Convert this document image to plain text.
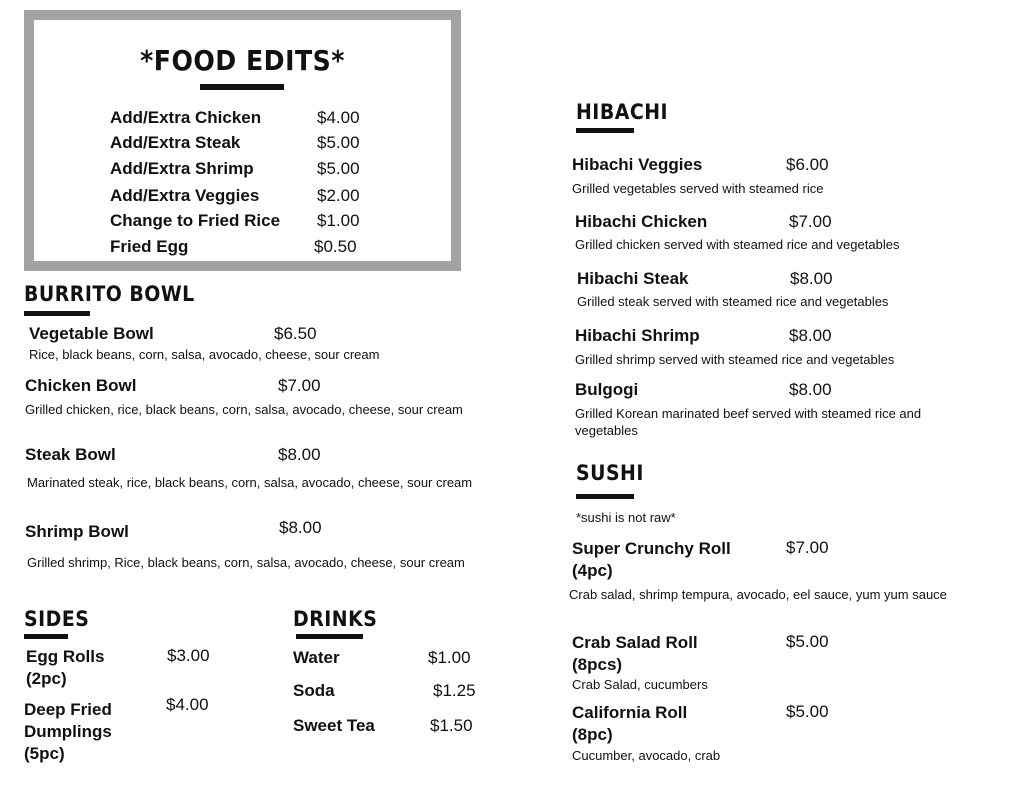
*FOOD EDITS*
Add/Extra Chicken	$4.00
Add/Extra Steak	$5.00
Add/Extra Shrimp	$5.00
Add/Extra Veggies	$2.00
Change to Fried Rice $1.00
Fried Egg	$0.50
BURRITO BOWL
Vegetable Bowl	$6.50
Rice, black beans, corn, salsa, avocado, cheese, sour cream
Chicken Bowl	$7.00
Grilled chicken, rice, black beans, corn, salsa, avocado, cheese, sour cream
Steak Bowl	$8.00
Marinated steak, rice, black beans, corn, salsa, avocado, cheese, sour cream
Shrimp Bowl	$8.00
Grilled shrimp, Rice, black beans, corn, salsa, avocado, cheese, sour cream
SIDES
Egg Rolls (2pc)
$3.00
Deep Fried Dumplings (5pc)
$4.00
DRINKS
Water	$1.00
Soda	$1.25
Sweet Tea	$1.50
HIBACHI
Hibachi Veggies	$6.00
Grilled vegetables served with steamed rice
Hibachi Chicken	$7.00
Grilled chicken served with steamed rice and vegetables
Hibachi Steak	$8.00
Grilled steak served with steamed rice and vegetables
Hibachi Shrimp	$8.00
Grilled shrimp served with steamed rice and vegetables
Bulgogi	$8.00
Grilled Korean marinated beef served with steamed rice and vegetables
SUSHI
*sushi is not raw*
Super Crunchy Roll (4pc)
$7.00
Crab salad, shrimp tempura, avocado, eel sauce, yum yum sauce
Crab Salad Roll (8pcs)
$5.00
Crab Salad, cucumbers
California Roll (8pc)
$5.00
Cucumber, avocado, crab
